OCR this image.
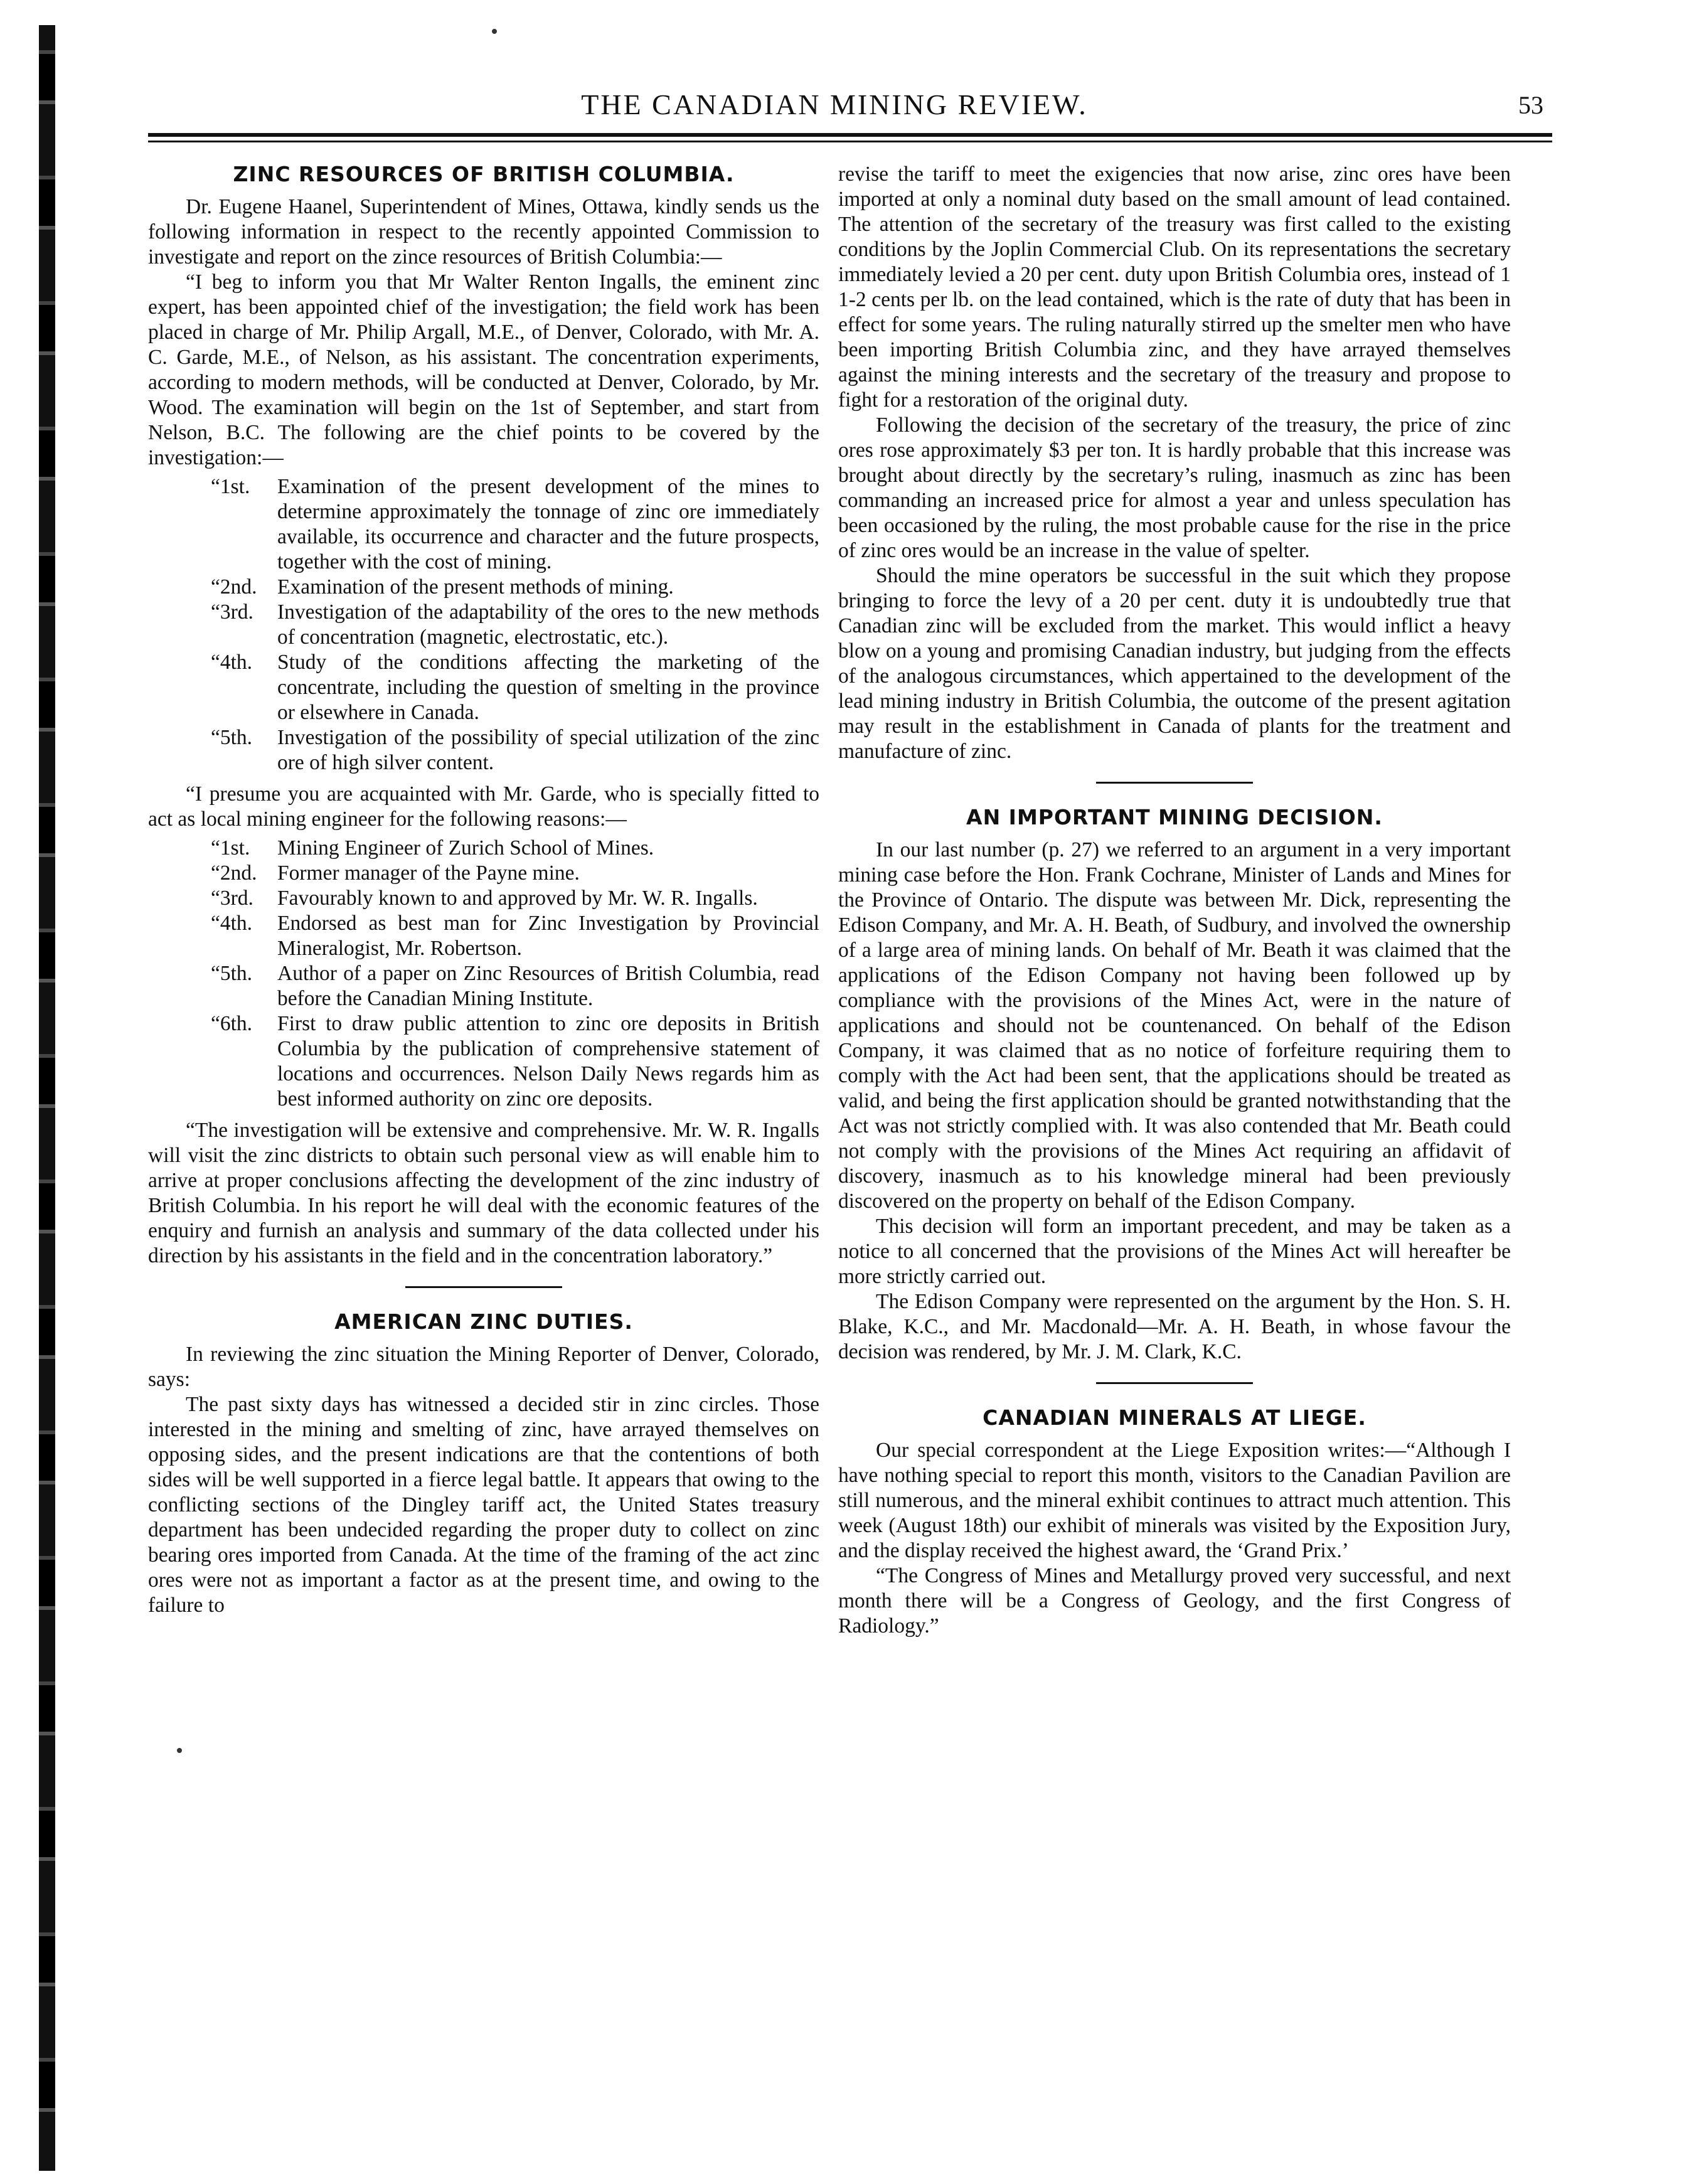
THE CANADIAN MINING REVIEW.	53
ZINC RESOURCES OF BRITISH COLUMBIA.

Dr. Eugene Haanel, Superintendent of Mines, Ottawa, kindly sends us the following information in respect to the recently appointed Commission to investigate and report on the zince resources of British Columbia:—

“I beg to inform you that Mr Walter Renton Ingalls, the eminent zinc expert, has been appointed chief of the investigation; the field work has been placed in charge of Mr. Philip Argall, M.E., of Denver, Colorado, with Mr. A. C. Garde, M.E., of Nelson, as his assistant. The concentration experiments, according to modern methods, will be conducted at Denver, Colorado, by Mr. Wood. The examination will begin on the 1st of September, and start from Nelson, B.C. The following are the chief points to be covered by the investigation:—

“1st.	Examination of the present development of the mines to determine approximately the tonnage of zinc ore immediately available, its occurrence and character and the future prospects, together with the cost of mining.
“2nd. Examination of the present methods of mining.
“3rd.	Investigation of the adaptability of the ores to the new methods of concentration (magnetic, electrostatic, etc.).
“4th.	Study of the conditions affecting the marketing of the concentrate, including the question of smelting in the province or elsewhere in Canada.
“5th.	Investigation of the possibility of special utilization of the zinc ore of high silver content.

“I presume you are acquainted with Mr. Garde, who is specially fitted to act as local mining engineer for the following reasons:—

“1st.	Mining Engineer of Zurich School of Mines.
“2nd. Former manager of the Payne mine.
“3rd.	Favourably known to and approved by Mr. W. R. Ingalls.
“4th.	Endorsed as best man for Zinc Investigation by Provincial Mineralogist, Mr. Robertson.
“5th.	Author of a paper on Zinc Resources of British Columbia, read before the Canadian Mining Institute.
“6th.	First to draw public attention to zinc ore deposits in British Columbia by the publication of comprehensive statement of locations and occurrences. Nelson Daily News regards him as best informed authority on zinc ore deposits.

“The investigation will be extensive and comprehensive. Mr. W. R. Ingalls will visit the zinc districts to obtain such personal view as will enable him to arrive at proper conclusions affecting the development of the zinc industry of British Columbia. In his report he will deal with the economic features of the enquiry and furnish an analysis and summary of the data collected under his direction by his assistants in the field and in the concentration laboratory.”

AMERICAN ZINC DUTIES.

In reviewing the zinc situation the Mining Reporter of Denver, Colorado, says:

The past sixty days has witnessed a decided stir in zinc circles. Those interested in the mining and smelting of zinc, have arrayed themselves on opposing sides, and the present indications are that the contentions of both sides will be well supported in a fierce legal battle. It appears that owing to the conflicting sections of the Dingley tariff act, the United States treasury department has been undecided regarding the proper duty to collect on zinc bearing ores imported from Canada. At the time of the framing of the act zinc ores were not as important a factor as at the present time, and owing to the failure to

revise the tariff to meet the exigencies that now arise, zinc ores have been imported at only a nominal duty based on the small amount of lead contained. The attention of the secretary of the treasury was first called to the existing conditions by the Joplin Commercial Club. On its representations the secretary immediately levied a 20 per cent. duty upon British Columbia ores, instead of 1 1-2 cents per lb. on the lead contained, which is the rate of duty that has been in effect for some years. The ruling naturally stirred up the smelter men who have been importing British Columbia zinc, and they have arrayed themselves against the mining interests and the secretary of the treasury and propose to fight for a restoration of the original duty.

Following the decision of the secretary of the treasury, the price of zinc ores rose approximately $3 per ton. It is hardly probable that this increase was brought about directly by the secretary’s ruling, inasmuch as zinc has been commanding an increased price for almost a year and unless speculation has been occasioned by the ruling, the most probable cause for the rise in the price of zinc ores would be an increase in the value of spelter.

Should the mine operators be successful in the suit which they propose bringing to force the levy of a 20 per cent. duty it is undoubtedly true that Canadian zinc will be excluded from the market. This would inflict a heavy blow on a young and promising Canadian industry, but judging from the effects of the analogous circumstances, which appertained to the development of the lead mining industry in British Columbia, the outcome of the present agitation may result in the establishment in Canada of plants for the treatment and manufacture of zinc.

AN IMPORTANT MINING DECISION.

In our last number (p. 27) we referred to an argument in a very important mining case before the Hon. Frank Cochrane, Minister of Lands and Mines for the Province of Ontario. The dispute was between Mr. Dick, representing the Edison Company, and Mr. A. H. Beath, of Sudbury, and involved the ownership of a large area of mining lands. On behalf of Mr. Beath it was claimed that the applications of the Edison Company not having been followed up by compliance with the provisions of the Mines Act, were in the nature of applications and should not be countenanced. On behalf of the Edison Company, it was claimed that as no notice of forfeiture requiring them to comply with the Act had been sent, that the applications should be treated as valid, and being the first application should be granted notwithstanding that the Act was not strictly complied with. It was also contended that Mr. Beath could not comply with the provisions of the Mines Act requiring an affidavit of discovery, inasmuch as to his knowledge mineral had been previously discovered on the property on behalf of the Edison Company.

This decision will form an important precedent, and may be taken as a notice to all concerned that the provisions of the Mines Act will hereafter be more strictly carried out.

The Edison Company were represented on the argument by the Hon. S. H. Blake, K.C., and Mr. Macdonald—Mr. A. H. Beath, in whose favour the decision was rendered, by Mr. J. M. Clark, K.C.

CANADIAN MINERALS AT LIEGE.

Our special correspondent at the Liege Exposition writes:—“Although I have nothing special to report this month, visitors to the Canadian Pavilion are still numerous, and the mineral exhibit continues to attract much attention. This week (August 18th) our exhibit of minerals was visited by the Exposition Jury, and the display received the highest award, the ‘Grand Prix.’

“The Congress of Mines and Metallurgy proved very successful, and next month there will be a Congress of Geology, and the first Congress of Radiology.”
